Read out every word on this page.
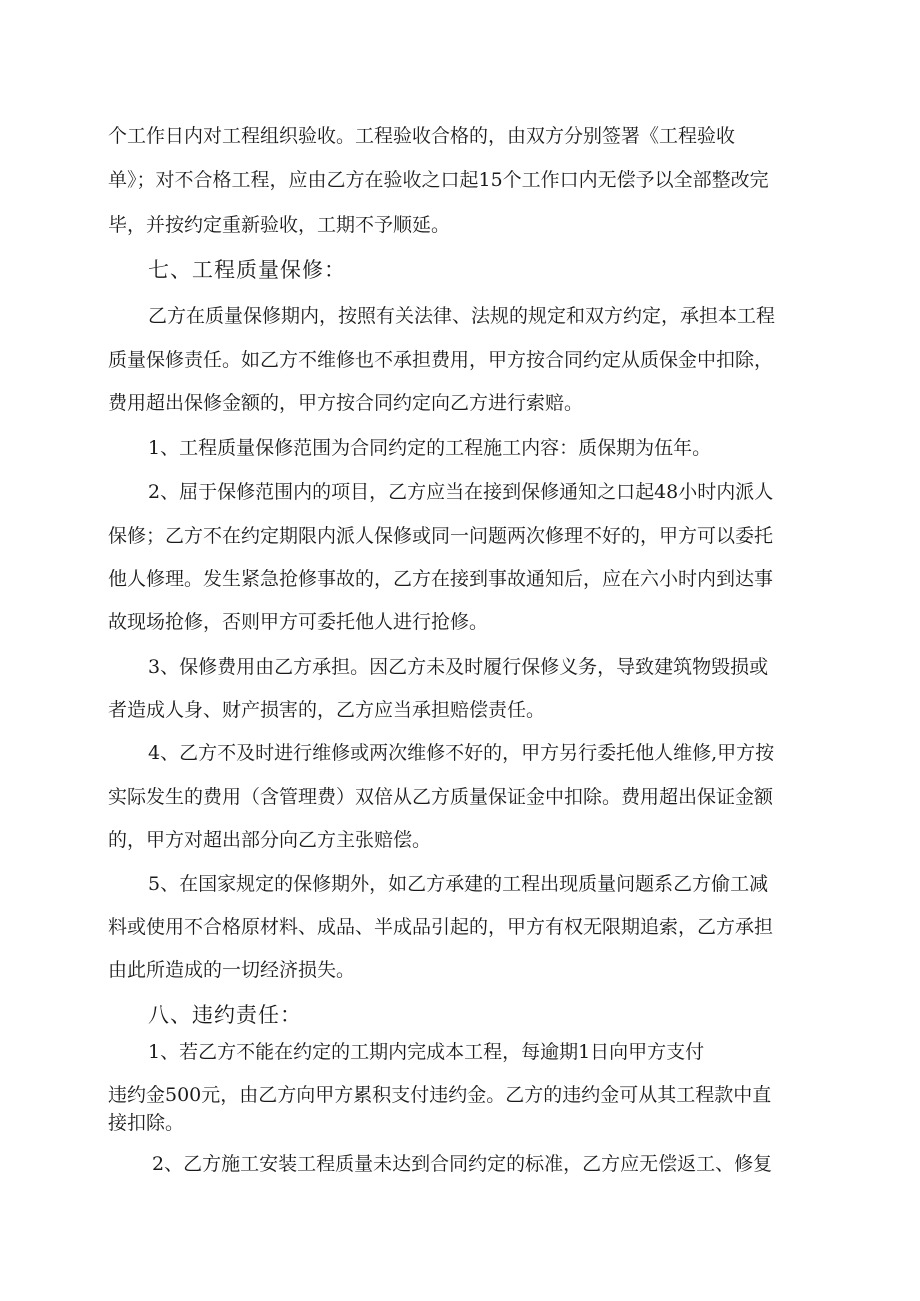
个工作日内对工程组织验收。工程验收合格的，由双方分别签署《工程验收
单》；对不合格工程，应由乙方在验收之口起15个工作口内无偿予以全部整改完
毕，并按约定重新验收，工期不予顺延。
七、工程质量保修：
乙方在质量保修期内，按照有关法律、法规的规定和双方约定，承担本工程
质量保修责任。如乙方不维修也不承担费用，甲方按合同约定从质保金中扣除，
费用超出保修金额的，甲方按合同约定向乙方进行索赔。
1、工程质量保修范围为合同约定的工程施工内容：质保期为伍年。
2、屈于保修范围内的项目，乙方应当在接到保修通知之口起48小时内派人
保修；乙方不在约定期限内派人保修或同一问题两次修理不好的，甲方可以委托
他人修理。发生紧急抢修事故的，乙方在接到事故通知后，应在六小时内到达事
故现场抢修，否则甲方可委托他人进行抢修。
3、保修费用由乙方承担。因乙方未及时履行保修义务，导致建筑物毁损或
者造成人身、财产损害的，乙方应当承担赔偿责任。
4、乙方不及时进行维修或两次维修不好的，甲方另行委托他人维修,甲方按
实际发生的费用（含管理费）双倍从乙方质量保证金中扣除。费用超出保证金额
的，甲方对超出部分向乙方主张赔偿。
5、在国家规定的保修期外，如乙方承建的工程出现质量问题系乙方偷工减
料或使用不合格原材料、成品、半成品引起的，甲方有权无限期追索，乙方承担
由此所造成的一切经济损失。
八、违约责任：
1、若乙方不能在约定的工期内完成本工程，每逾期1日向甲方支付
违约金500元，由乙方向甲方累积支付违约金。乙方的违约金可从其工程款中直
接扣除。
2、乙方施工安装工程质量未达到合同约定的标准，乙方应无偿返工、修复
